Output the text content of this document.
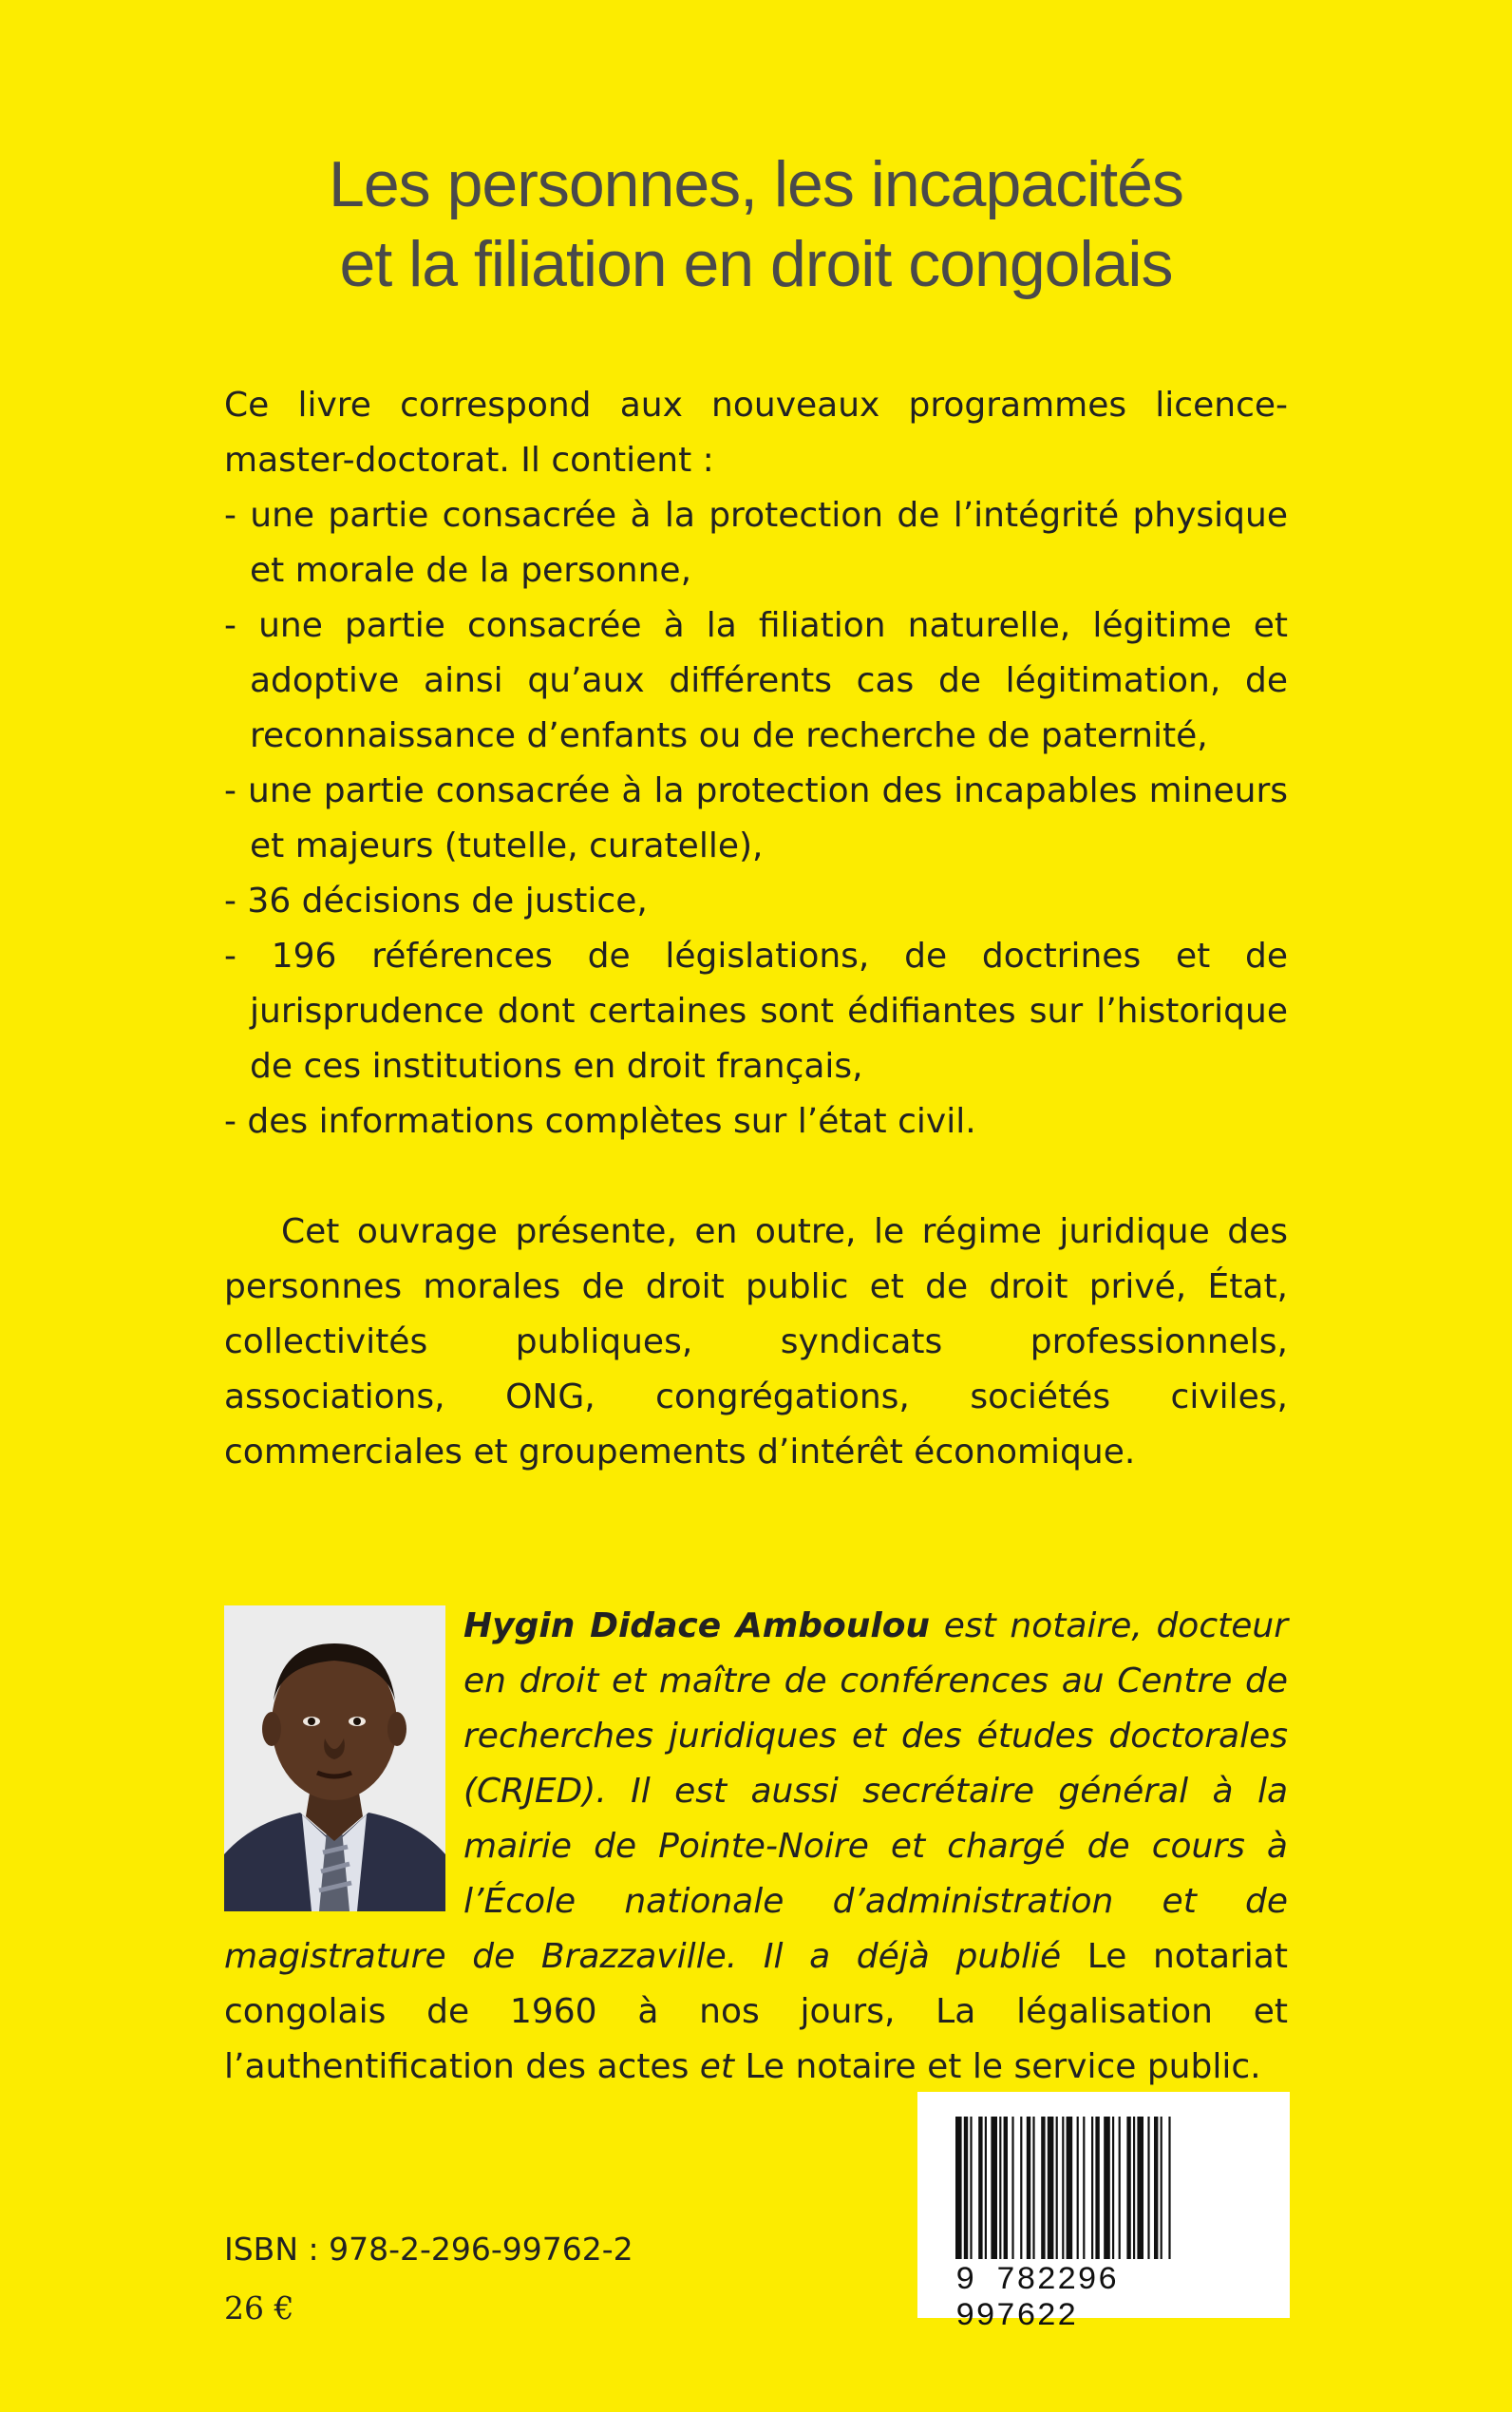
Les personnes, les incapacités
et la filiation en droit congolais

Ce livre correspond aux nouveaux programmes licence-master-doctorat. Il contient :

- une partie consacrée à la protection de l’intégrité physique et morale de la personne,
- une partie consacrée à la filiation naturelle, légitime et adoptive ainsi qu’aux différents cas de légitimation, de reconnaissance d’enfants ou de recherche de paternité,
- une partie consacrée à la protection des incapables mineurs et majeurs (tutelle, curatelle),
- 36 décisions de justice,
- 196 références de législations, de doctrines et de jurisprudence dont certaines sont édifiantes sur l’historique de ces institutions en droit français,
- des informations complètes sur l’état civil.

Cet ouvrage présente, en outre, le régime juridique des personnes morales de droit public et de droit privé, État, collectivités publiques, syndicats professionnels, associations, ONG, congrégations, sociétés civiles, commerciales et groupements d’intérêt économique.

Hygin Didace Amboulou est notaire, docteur en droit et maître de conférences au Centre de recherches juridiques et des études doctorales (CRJED). Il est aussi secrétaire général à la mairie de Pointe-Noire et chargé de cours à l’École nationale d’administration et de magistrature de Brazzaville. Il a déjà publié Le notariat congolais de 1960 à nos jours, La légalisation et l’authentification des actes et Le notaire et le service public.

ISBN : 978-2-296-99762-2
26 €
9 782296 997622
